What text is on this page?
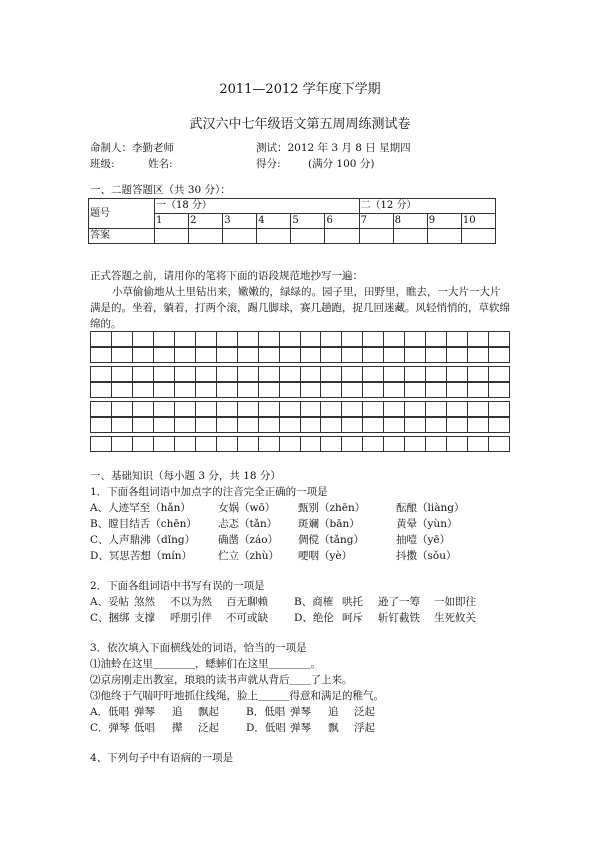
2011—2012 学年度下学期
武汉六中七年级语文第五周周练测试卷
命制人：李勤老师	测试：2012 年 3 月 8 日 星期四
班级:	姓名:	得分:	(满分 100 分)
一、二题答题区（共 30 分）：
题号	一（18 分）						二（12 分）			
	1	2	3	4	5	6	7	8	9	10
答案										
正式答题之前，请用你的笔将下面的语段规范地抄写一遍：
小草偷偷地从土里钻出来，嫩嫩的，绿绿的。园子里，田野里，瞧去，一大片一大片
满是的。坐着，躺着，打两个滚，踢几脚球，赛几趟跑，捉几回迷藏。风轻悄悄的，草软绵
绵的。
一、基础知识（每小题 3 分，共 18 分）
1．下面各组词语中加点字的注音完全正确的一项是
A、人迹罕至（hǎn）	女娲（wō） 甄别（zhēn）	酝酿（liàng）
B、瞠目结舌（chēn） 忐忑（tǎn） 斑斓（bān）	黄晕（yùn）
C、人声鼎沸（dǐng） 确凿（záo） 倜傥（tǎng）	抽噎（yē）
D、冥思苦想（mín） 伫立（zhù） 哽咽（yè）	抖擞（sǒu）
2．下面各组词语中书写有误的一项是
A、妥帖 煞然 不以为然 百无聊赖 B、商榷 哄托 逊了一筹 一如即往
C、捆绑 支撑 呼朋引伴 不可或缺 D、绝伦 呵斥 斩钉截铁 生死攸关
3．依次填入下面横线处的词语，恰当的一项是
⑴油蛉在这里＿＿＿＿，蟋蟀们在这里＿＿＿＿。
⑵京房刚走出教室，琅琅的读书声就从背后＿＿了上来。
⑶他终于气喘吁吁地抓住线绳，脸上＿＿＿得意和满足的稚气。
A．低唱 弹琴 追 飘起	B．低唱 弹琴 追 泛起
C．弹琴 低唱 撵 泛起	D．低唱 弹琴 飘 浮起
4、下列句子中有语病的一项是
